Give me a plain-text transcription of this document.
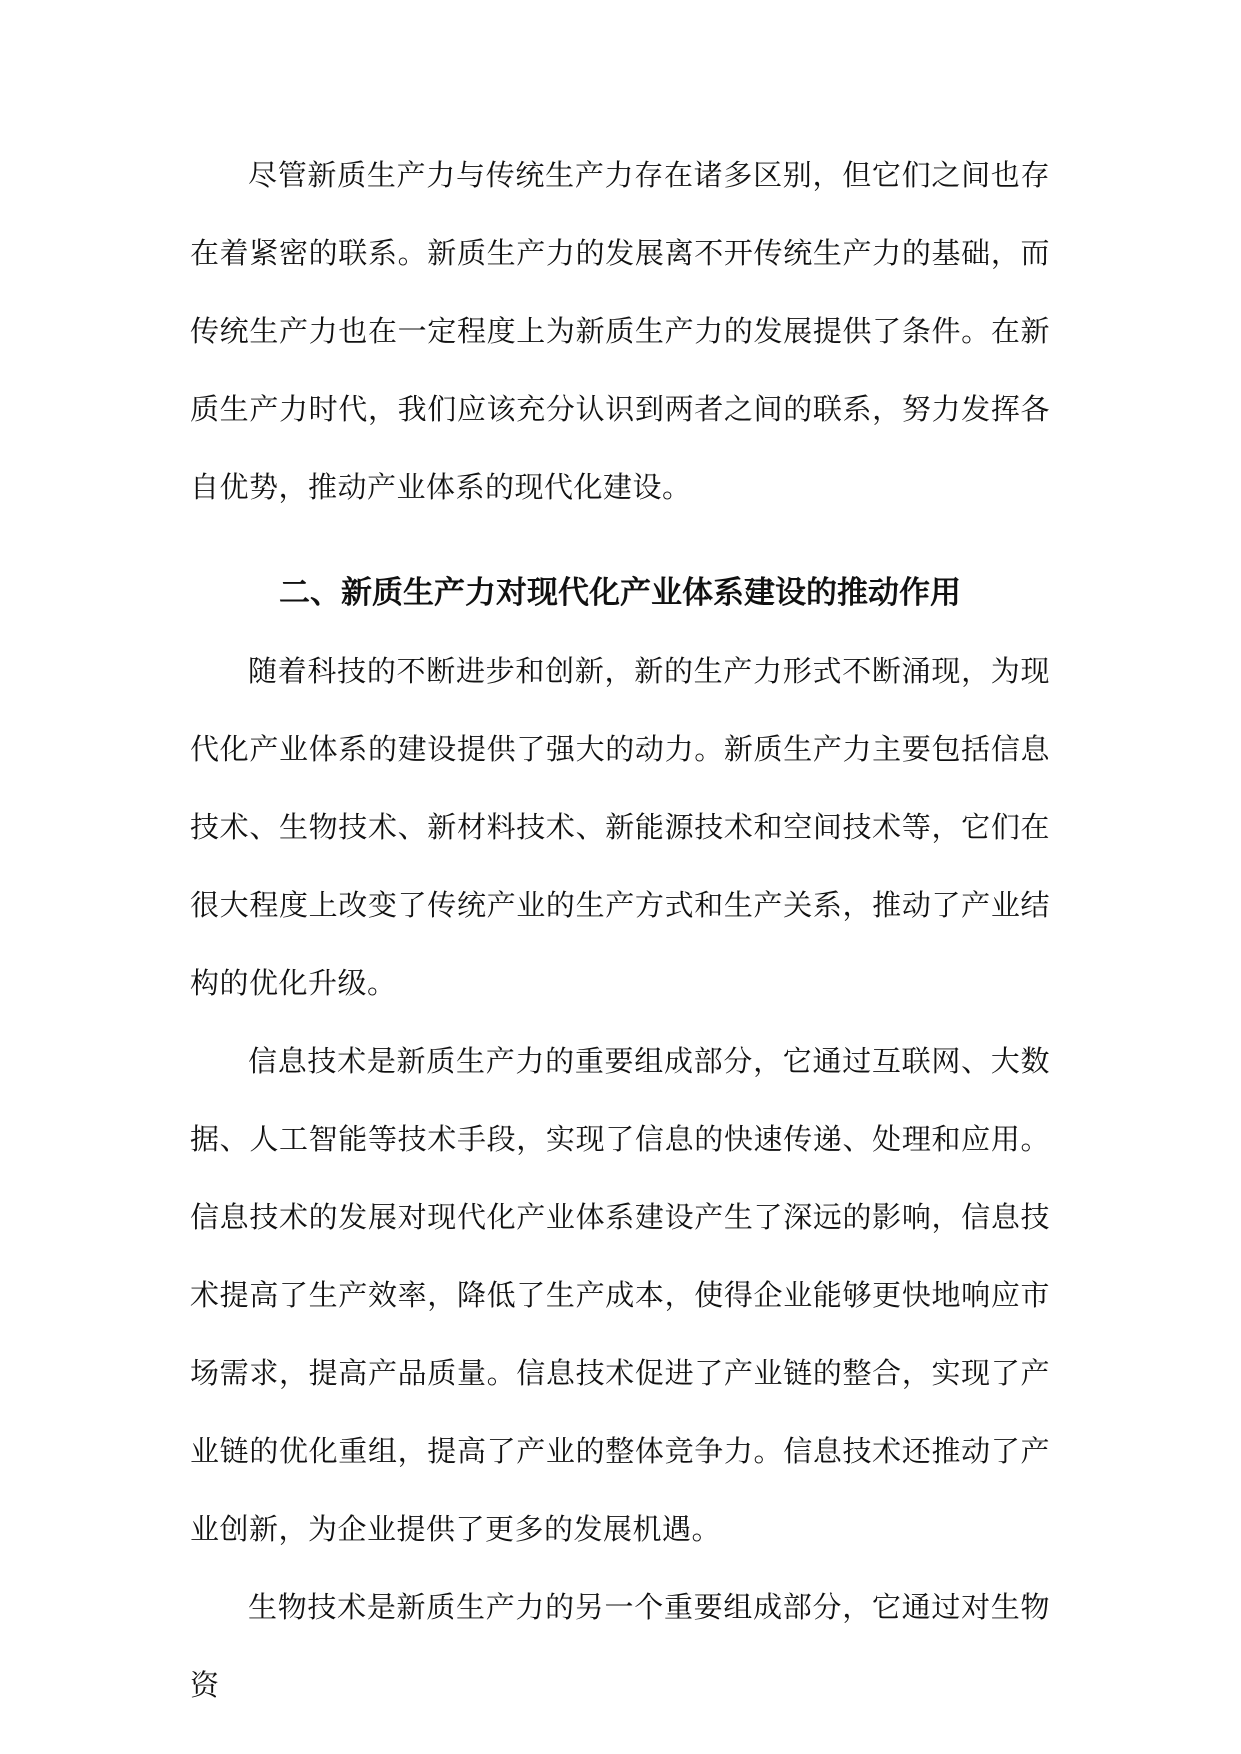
尽管新质生产力与传统生产力存在诸多区别，但它们之间也存在着紧密的联系。新质生产力的发展离不开传统生产力的基础，而传统生产力也在一定程度上为新质生产力的发展提供了条件。在新质生产力时代，我们应该充分认识到两者之间的联系，努力发挥各自优势，推动产业体系的现代化建设。

二、新质生产力对现代化产业体系建设的推动作用

随着科技的不断进步和创新，新的生产力形式不断涌现，为现代化产业体系的建设提供了强大的动力。新质生产力主要包括信息技术、生物技术、新材料技术、新能源技术和空间技术等，它们在很大程度上改变了传统产业的生产方式和生产关系，推动了产业结构的优化升级。

信息技术是新质生产力的重要组成部分，它通过互联网、大数据、人工智能等技术手段，实现了信息的快速传递、处理和应用。信息技术的发展对现代化产业体系建设产生了深远的影响，信息技术提高了生产效率，降低了生产成本，使得企业能够更快地响应市场需求，提高产品质量。信息技术促进了产业链的整合，实现了产业链的优化重组，提高了产业的整体竞争力。信息技术还推动了产业创新，为企业提供了更多的发展机遇。

生物技术是新质生产力的另一个重要组成部分，它通过对生物资
